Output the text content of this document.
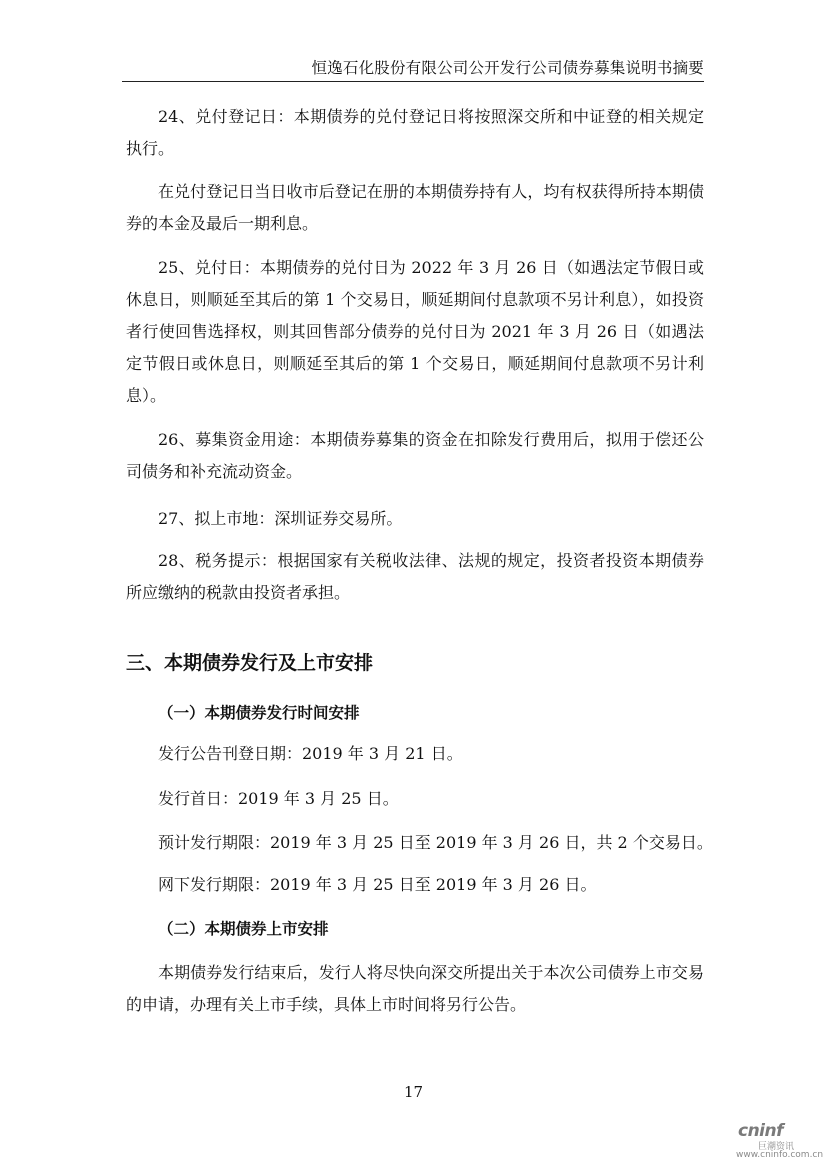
恒逸石化股份有限公司公开发行公司债券募集说明书摘要

24、兑付登记日：本期债券的兑付登记日将按照深交所和中证登的相关规定执行。

在兑付登记日当日收市后登记在册的本期债券持有人，均有权获得所持本期债券的本金及最后一期利息。

25、兑付日：本期债券的兑付日为 2022 年 3 月 26 日（如遇法定节假日或休息日，则顺延至其后的第 1 个交易日，顺延期间付息款项不另计利息），如投资者行使回售选择权，则其回售部分债券的兑付日为 2021 年 3 月 26 日（如遇法定节假日或休息日，则顺延至其后的第 1 个交易日，顺延期间付息款项不另计利息）。

26、募集资金用途：本期债券募集的资金在扣除发行费用后，拟用于偿还公司债务和补充流动资金。

27、拟上市地：深圳证券交易所。

28、税务提示：根据国家有关税收法律、法规的规定，投资者投资本期债券所应缴纳的税款由投资者承担。

三、本期债券发行及上市安排
（一）本期债券发行时间安排
发行公告刊登日期：2019 年 3 月 21 日。
发行首日：2019 年 3 月 25 日。
预计发行期限：2019 年 3 月 25 日至 2019 年 3 月 26 日，共 2 个交易日。
网下发行期限：2019 年 3 月 25 日至 2019 年 3 月 26 日。
（二）本期债券上市安排

本期债券发行结束后，发行人将尽快向深交所提出关于本次公司债券上市交易的申请，办理有关上市手续，具体上市时间将另行公告。

17
cninf
巨潮资讯
www.cninfo.com.cn
